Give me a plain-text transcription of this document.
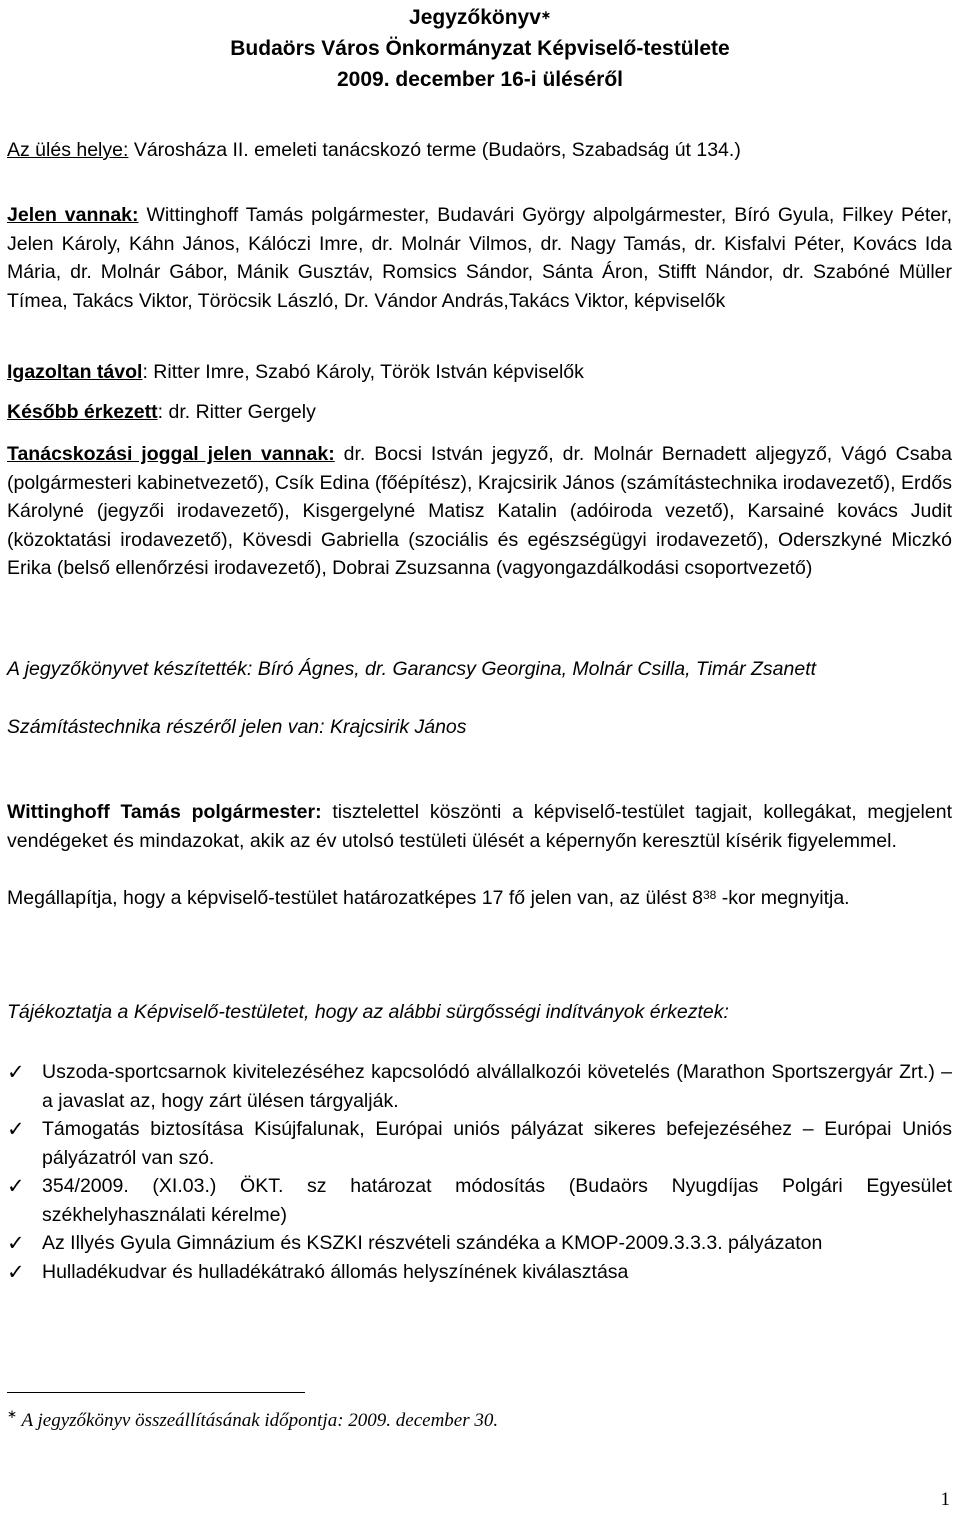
Jegyzőkönyv∗
Budaörs Város Önkormányzat Képviselő-testülete
2009. december 16-i üléséről
Az ülés helye: Városháza II. emeleti tanácskozó terme (Budaörs, Szabadság út 134.)
Jelen vannak: Wittinghoff Tamás polgármester, Budavári György alpolgármester, Bíró Gyula, Filkey Péter, Jelen Károly, Káhn János, Kálóczi Imre, dr. Molnár Vilmos, dr. Nagy Tamás, dr. Kisfalvi Péter, Kovács Ida Mária, dr. Molnár Gábor, Mánik Gusztáv, Romsics Sándor, Sánta Áron, Stifft Nándor, dr. Szabóné Müller Tímea, Takács Viktor, Töröcsik László, Dr. Vándor András,Takács Viktor, képviselők
Igazoltan távol: Ritter Imre, Szabó Károly, Török István képviselők
Később érkezett: dr. Ritter Gergely
Tanácskozási joggal jelen vannak: dr. Bocsi István jegyző, dr. Molnár Bernadett aljegyző, Vágó Csaba (polgármesteri kabinetvezető), Csík Edina (főépítész), Krajcsirik János (számítástechnika irodavezető), Erdős Károlyné (jegyzői irodavezető), Kisgergelyné Matisz Katalin (adóiroda vezető), Karsainé kovács Judit (közoktatási irodavezető), Kövesdi Gabriella (szociális és egészségügyi irodavezető), Oderszkyné Miczkó Erika (belső ellenőrzési irodavezető), Dobrai Zsuzsanna (vagyongazdálkodási csoportvezető)
A jegyzőkönyvet készítették: Bíró Ágnes, dr. Garancsy Georgina, Molnár Csilla, Timár Zsanett
Számítástechnika részéről jelen van: Krajcsirik János
Wittinghoff Tamás polgármester: tisztelettel köszönti a képviselő-testület tagjait, kollegákat, megjelent vendégeket és mindazokat, akik az év utolsó testületi ülését a képernyőn keresztül kísérik figyelemmel.
Megállapítja, hogy a képviselő-testület határozatképes 17 fő jelen van, az ülést $8^{38}$ -kor megnyitja.
Tájékoztatja a Képviselő-testületet, hogy az alábbi sürgősségi indítványok érkeztek:
✓ Uszoda-sportcsarnok kivitelezéséhez kapcsolódó alvállalkozói követelés (Marathon Sportszergyár Zrt.) – a javaslat az, hogy zárt ülésen tárgyalják.
✓ Támogatás biztosítása Kisújfalunak, Európai uniós pályázat sikeres befejezéséhez – Európai Uniós pályázatról van szó.
✓ 354/2009. (XI.03.) ÖKT. sz határozat módosítás (Budaörs Nyugdíjas Polgári Egyesület székhelyhasználati kérelme)
✓ Az Illyés Gyula Gimnázium és KSZKI részvételi szándéka a KMOP-2009.3.3.3. pályázaton
✓ Hulladékudvar és hulladékátrakó állomás helyszínének kiválasztása
∗ A jegyzőkönyv összeállításának időpontja: 2009. december 30.
1
